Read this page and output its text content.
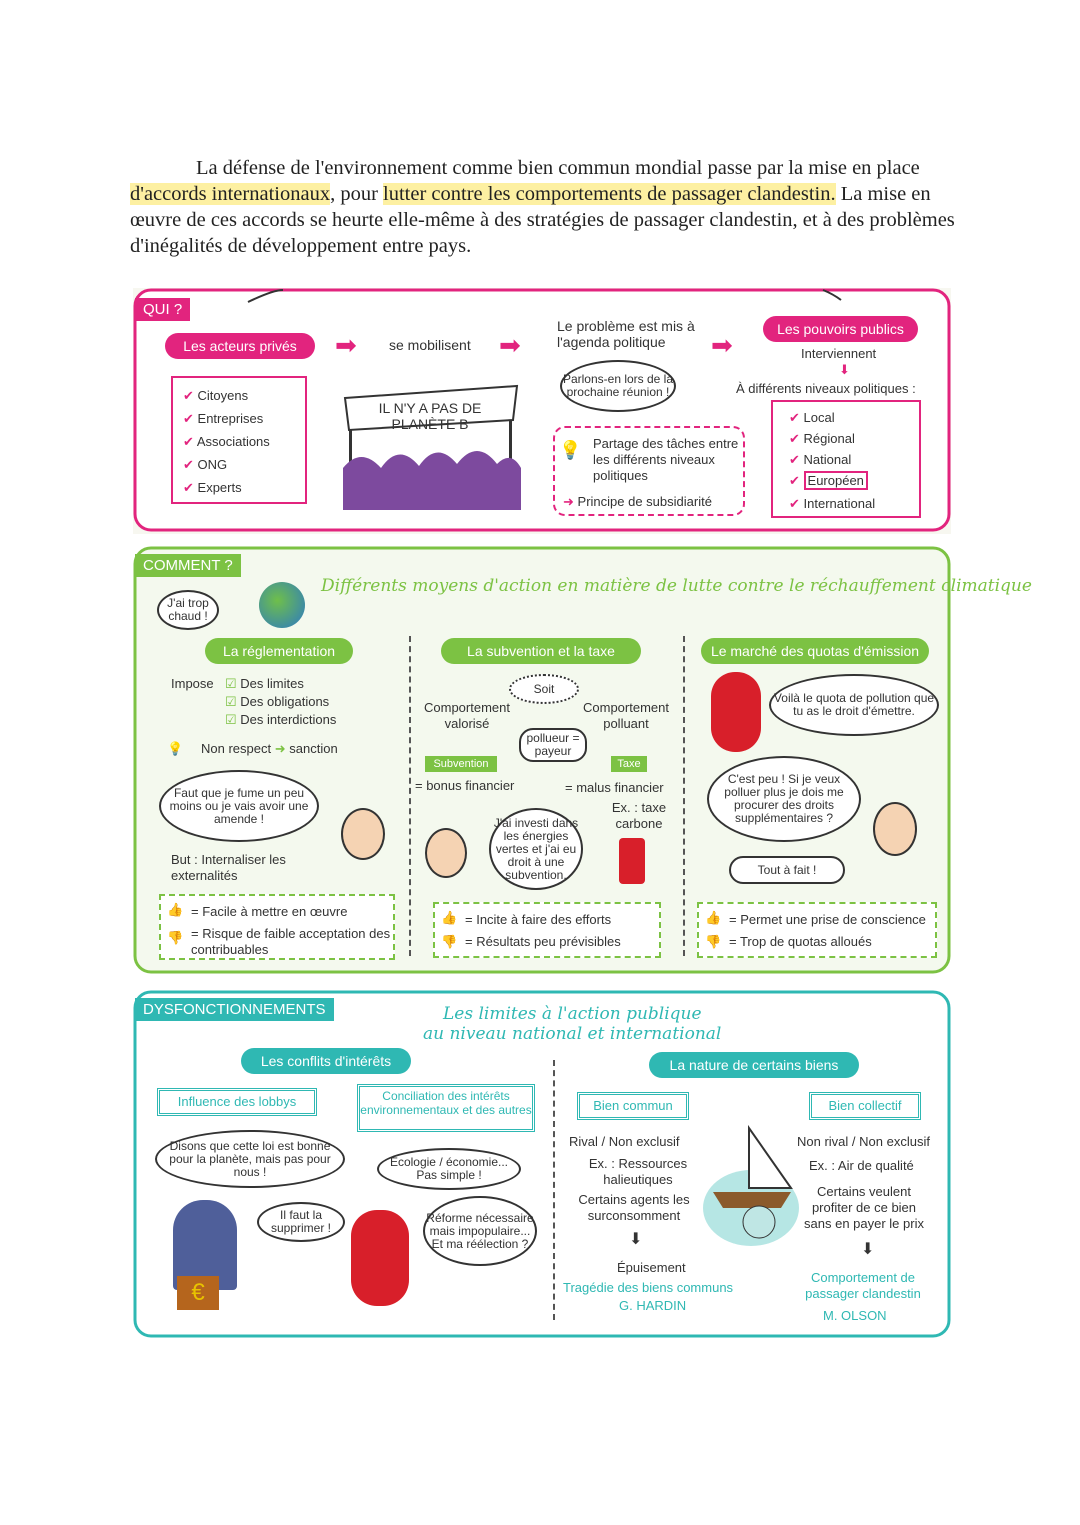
La défense de l'environnement comme bien commun mondial passe par la mise en place d'accords internationaux, pour lutter contre les comportements de passager clandestin. La mise en œuvre de ces accords se heurte elle-même à des stratégies de passager clandestin, et à des problèmes d'inégalités de développement entre pays.

QUI ?
Les acteurs privés	➡ se mobilisent ➡
Le problème est mis à l'agenda politique	➡
Les pouvoirs publics
Interviennent
⬇
À différents niveaux politiques :
✔ Citoyens
✔ Entreprises
✔ Associations
✔ ONG
✔ Experts
IL N'Y A PAS DE PLANÈTE B
Parlons-en lors de la prochaine réunion !
💡 Partage des tâches entre les différents niveaux politiques
➜ Principe de subsidiarité
✔ Local
✔ Régional
✔ National
✔ Européen
✔ International
COMMENT ?
J'ai trop chaud !
Différents moyens d'action en matière de lutte contre le réchauffement climatique
La réglementation
Impose ☑ Des limites
☑ Des obligations
☑ Des interdictions
💡 Non respect ➜ sanction
Faut que je fume un peu moins ou je vais avoir une amende !
But : Internaliser les externalités
👍 = Facile à mettre en œuvre
👎 = Risque de faible acceptation des contribuables
La subvention et la taxe
Soit
Comportement valorisé
Comportement polluant
pollueur = payeur
Subvention	Taxe
= bonus financier	= malus financier
Ex. : taxe carbone
J'ai investi dans les énergies vertes et j'ai eu droit à une subvention.
👍 = Incite à faire des efforts
👎 = Résultats peu prévisibles
Le marché des quotas d'émission
Voilà le quota de pollution que tu as le droit d'émettre.
C'est peu ! Si je veux polluer plus je dois me procurer des droits supplémentaires ?
Tout à fait !
👍 = Permet une prise de conscience
👎 = Trop de quotas alloués
DYSFONCTIONNEMENTS	Les limites à l'action publique
au niveau national et international
Les conflits d'intérêts	La nature de certains biens
Influence des lobbys	Conciliation des intérêts environnementaux et des autres
Disons que cette loi est bonne pour la planète, mais pas pour nous !
Il faut la supprimer !
€
Écologie / économie... Pas simple !
Réforme nécessaire mais impopulaire... Et ma réélection ?
Bien commun
Rival / Non exclusif
Ex. : Ressources halieutiques
Certains agents les surconsomment
⬇
Épuisement
Tragédie des biens communs
G. HARDIN
Bien collectif
Non rival / Non exclusif
Ex. : Air de qualité
Certains veulent profiter de ce bien sans en payer le prix
⬇
Comportement de passager clandestin
M. OLSON
